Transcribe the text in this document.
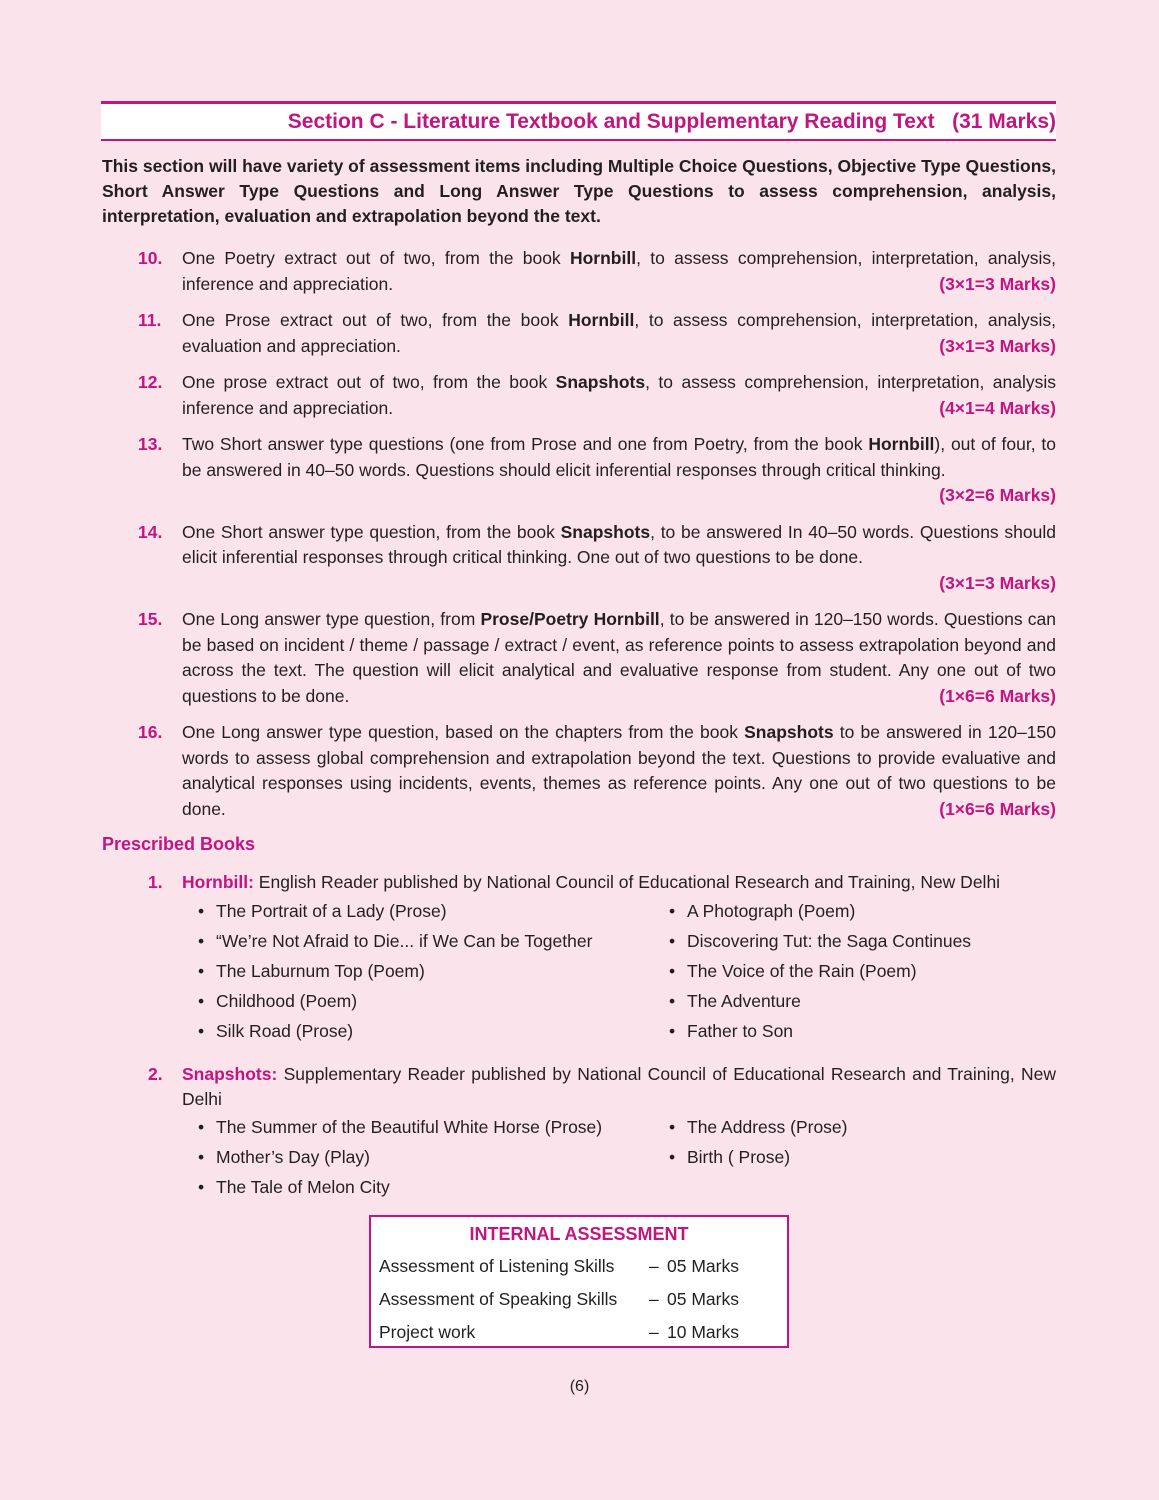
Section C - Literature Textbook and Supplementary Reading Text   (31 Marks)
This section will have variety of assessment items including Multiple Choice Questions, Objective Type Questions, Short Answer Type Questions and Long Answer Type Questions to assess comprehension, analysis, interpretation, evaluation and extrapolation beyond the text.
10. One Poetry extract out of two, from the book Hornbill, to assess comprehension, interpretation, analysis, inference and appreciation.	(3×1=3 Marks)
11. One Prose extract out of two, from the book Hornbill, to assess comprehension, interpretation, analysis, evaluation and appreciation.	(3×1=3 Marks)
12. One prose extract out of two, from the book Snapshots, to assess comprehension, interpretation, analysis inference and appreciation.	(4×1=4 Marks)
13. Two Short answer type questions (one from Prose and one from Poetry, from the book Hornbill), out of four, to be answered in 40–50 words. Questions should elicit inferential responses through critical thinking.
(3×2=6 Marks)
14. One Short answer type question, from the book Snapshots, to be answered In 40–50 words. Questions should elicit inferential responses through critical thinking. One out of two questions to be done.
(3×1=3 Marks)
15. One Long answer type question, from Prose/Poetry Hornbill, to be answered in 120–150 words. Questions can be based on incident / theme / passage / extract / event, as reference points to assess extrapolation beyond and across the text. The question will elicit analytical and evaluative response from student. Any one out of two questions to be done.	(1×6=6 Marks)
16. One Long answer type question, based on the chapters from the book Snapshots to be answered in 120–150 words to assess global comprehension and extrapolation beyond the text. Questions to provide evaluative and analytical responses using incidents, events, themes as reference points. Any one out of two questions to be done.	(1×6=6 Marks)
Prescribed Books
1.	Hornbill: English Reader published by National Council of Educational Research and Training, New Delhi
• The Portrait of a Lady (Prose)
• “We’re Not Afraid to Die... if We Can be Together
• The Laburnum Top (Poem)
• Childhood (Poem)
• Silk Road (Prose)
• A Photograph (Poem)
• Discovering Tut: the Saga Continues
• The Voice of the Rain (Poem)
• The Adventure
• Father to Son
• The Summer of the Beautiful White Horse (Prose)
• Mother’s Day (Play)
• The Tale of Melon City
• The Address (Prose)
• Birth ( Prose)
2.	Snapshots: Supplementary Reader published by National Council of Educational Research and Training, New Delhi
INTERNAL ASSESSMENT
Assessment of Listening Skills – 05 Marks
Assessment of Speaking Skills – 05 Marks
Project work	– 10 Marks
(6)
